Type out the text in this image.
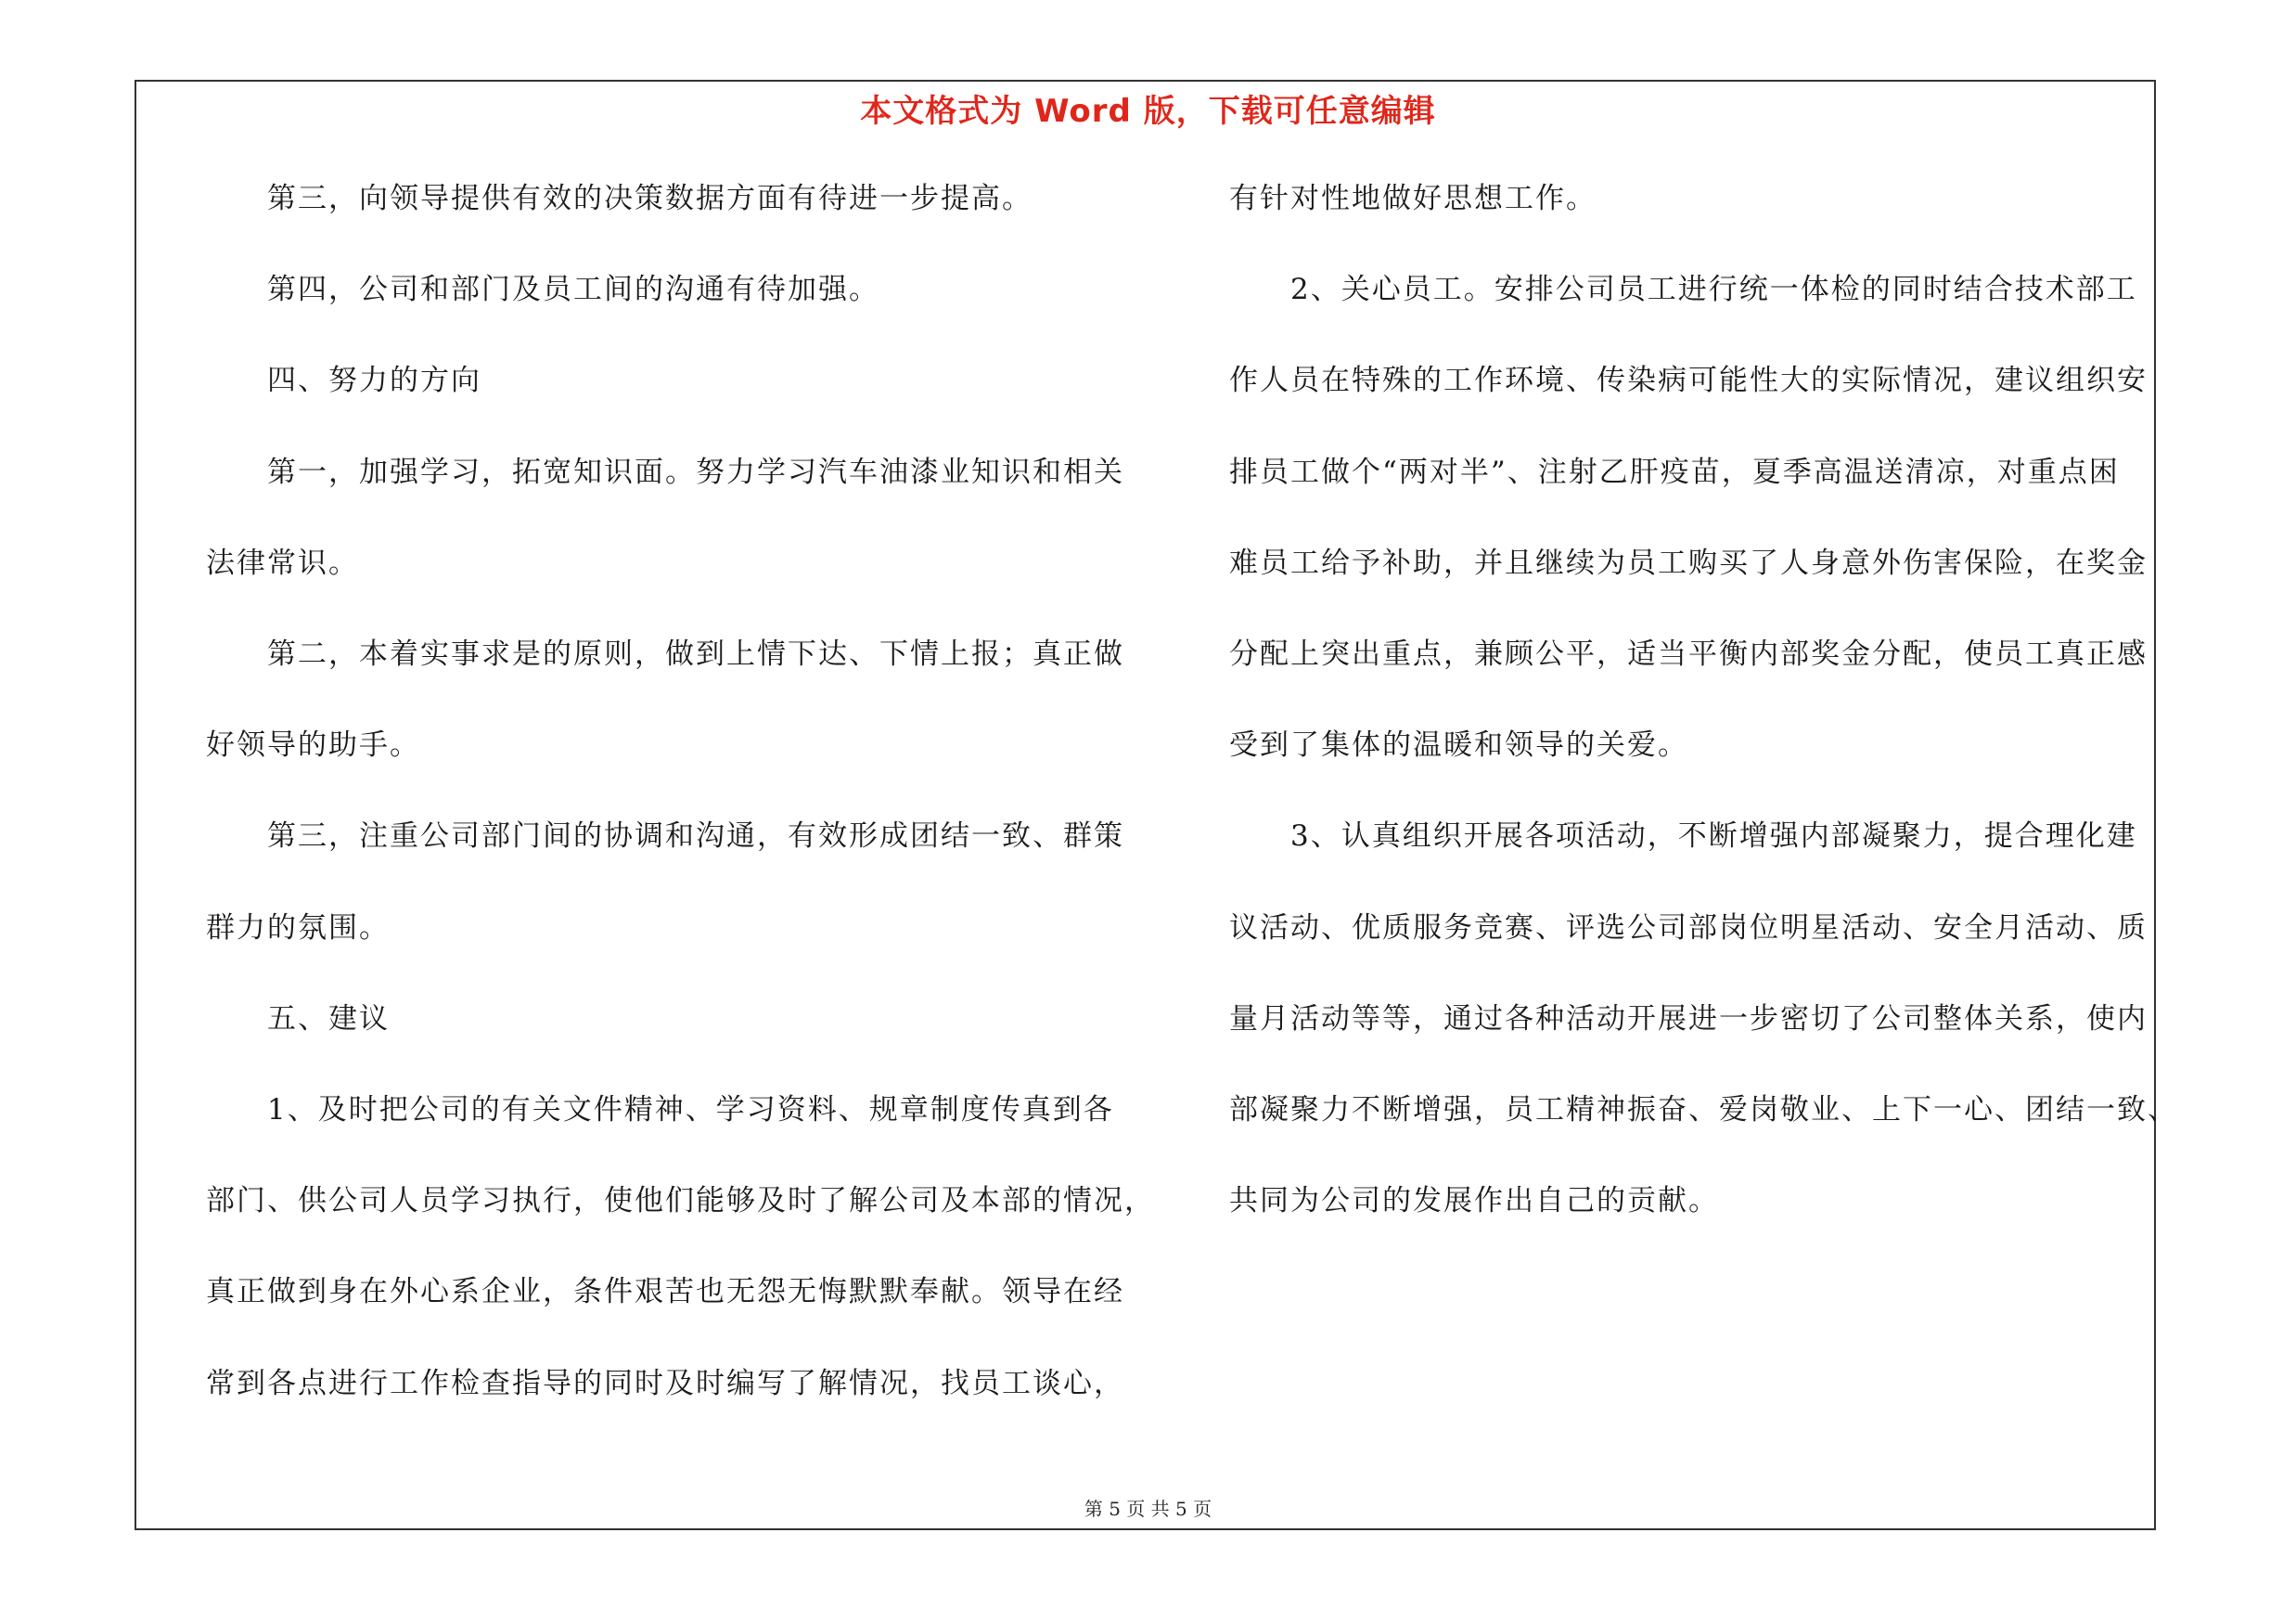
本文格式为 Word 版，下载可任意编辑
　　第三，向领导提供有效的决策数据方面有待进一步提高。
　　第四，公司和部门及员工间的沟通有待加强。
　　四、努力的方向
　　第一，加强学习，拓宽知识面。努力学习汽车油漆业知识和相关
法律常识。
　　第二，本着实事求是的原则，做到上情下达、下情上报；真正做
好领导的助手。
　　第三，注重公司部门间的协调和沟通，有效形成团结一致、群策
群力的氛围。
　　五、建议
　　1、及时把公司的有关文件精神、学习资料、规章制度传真到各
部门、供公司人员学习执行，使他们能够及时了解公司及本部的情况，
真正做到身在外心系企业，条件艰苦也无怨无悔默默奉献。领导在经
常到各点进行工作检查指导的同时及时编写了解情况，找员工谈心，
有针对性地做好思想工作。
　　2、关心员工。安排公司员工进行统一体检的同时结合技术部工
作人员在特殊的工作环境、传染病可能性大的实际情况，建议组织安
排员工做个“两对半”、注射乙肝疫苗，夏季高温送清凉，对重点困
难员工给予补助，并且继续为员工购买了人身意外伤害保险，在奖金
分配上突出重点，兼顾公平，适当平衡内部奖金分配，使员工真正感
受到了集体的温暖和领导的关爱。
　　3、认真组织开展各项活动，不断增强内部凝聚力，提合理化建
议活动、优质服务竞赛、评选公司部岗位明星活动、安全月活动、质
量月活动等等，通过各种活动开展进一步密切了公司整体关系，使内
部凝聚力不断增强，员工精神振奋、爱岗敬业、上下一心、团结一致、
共同为公司的发展作出自己的贡献。
第 5 页 共 5 页
